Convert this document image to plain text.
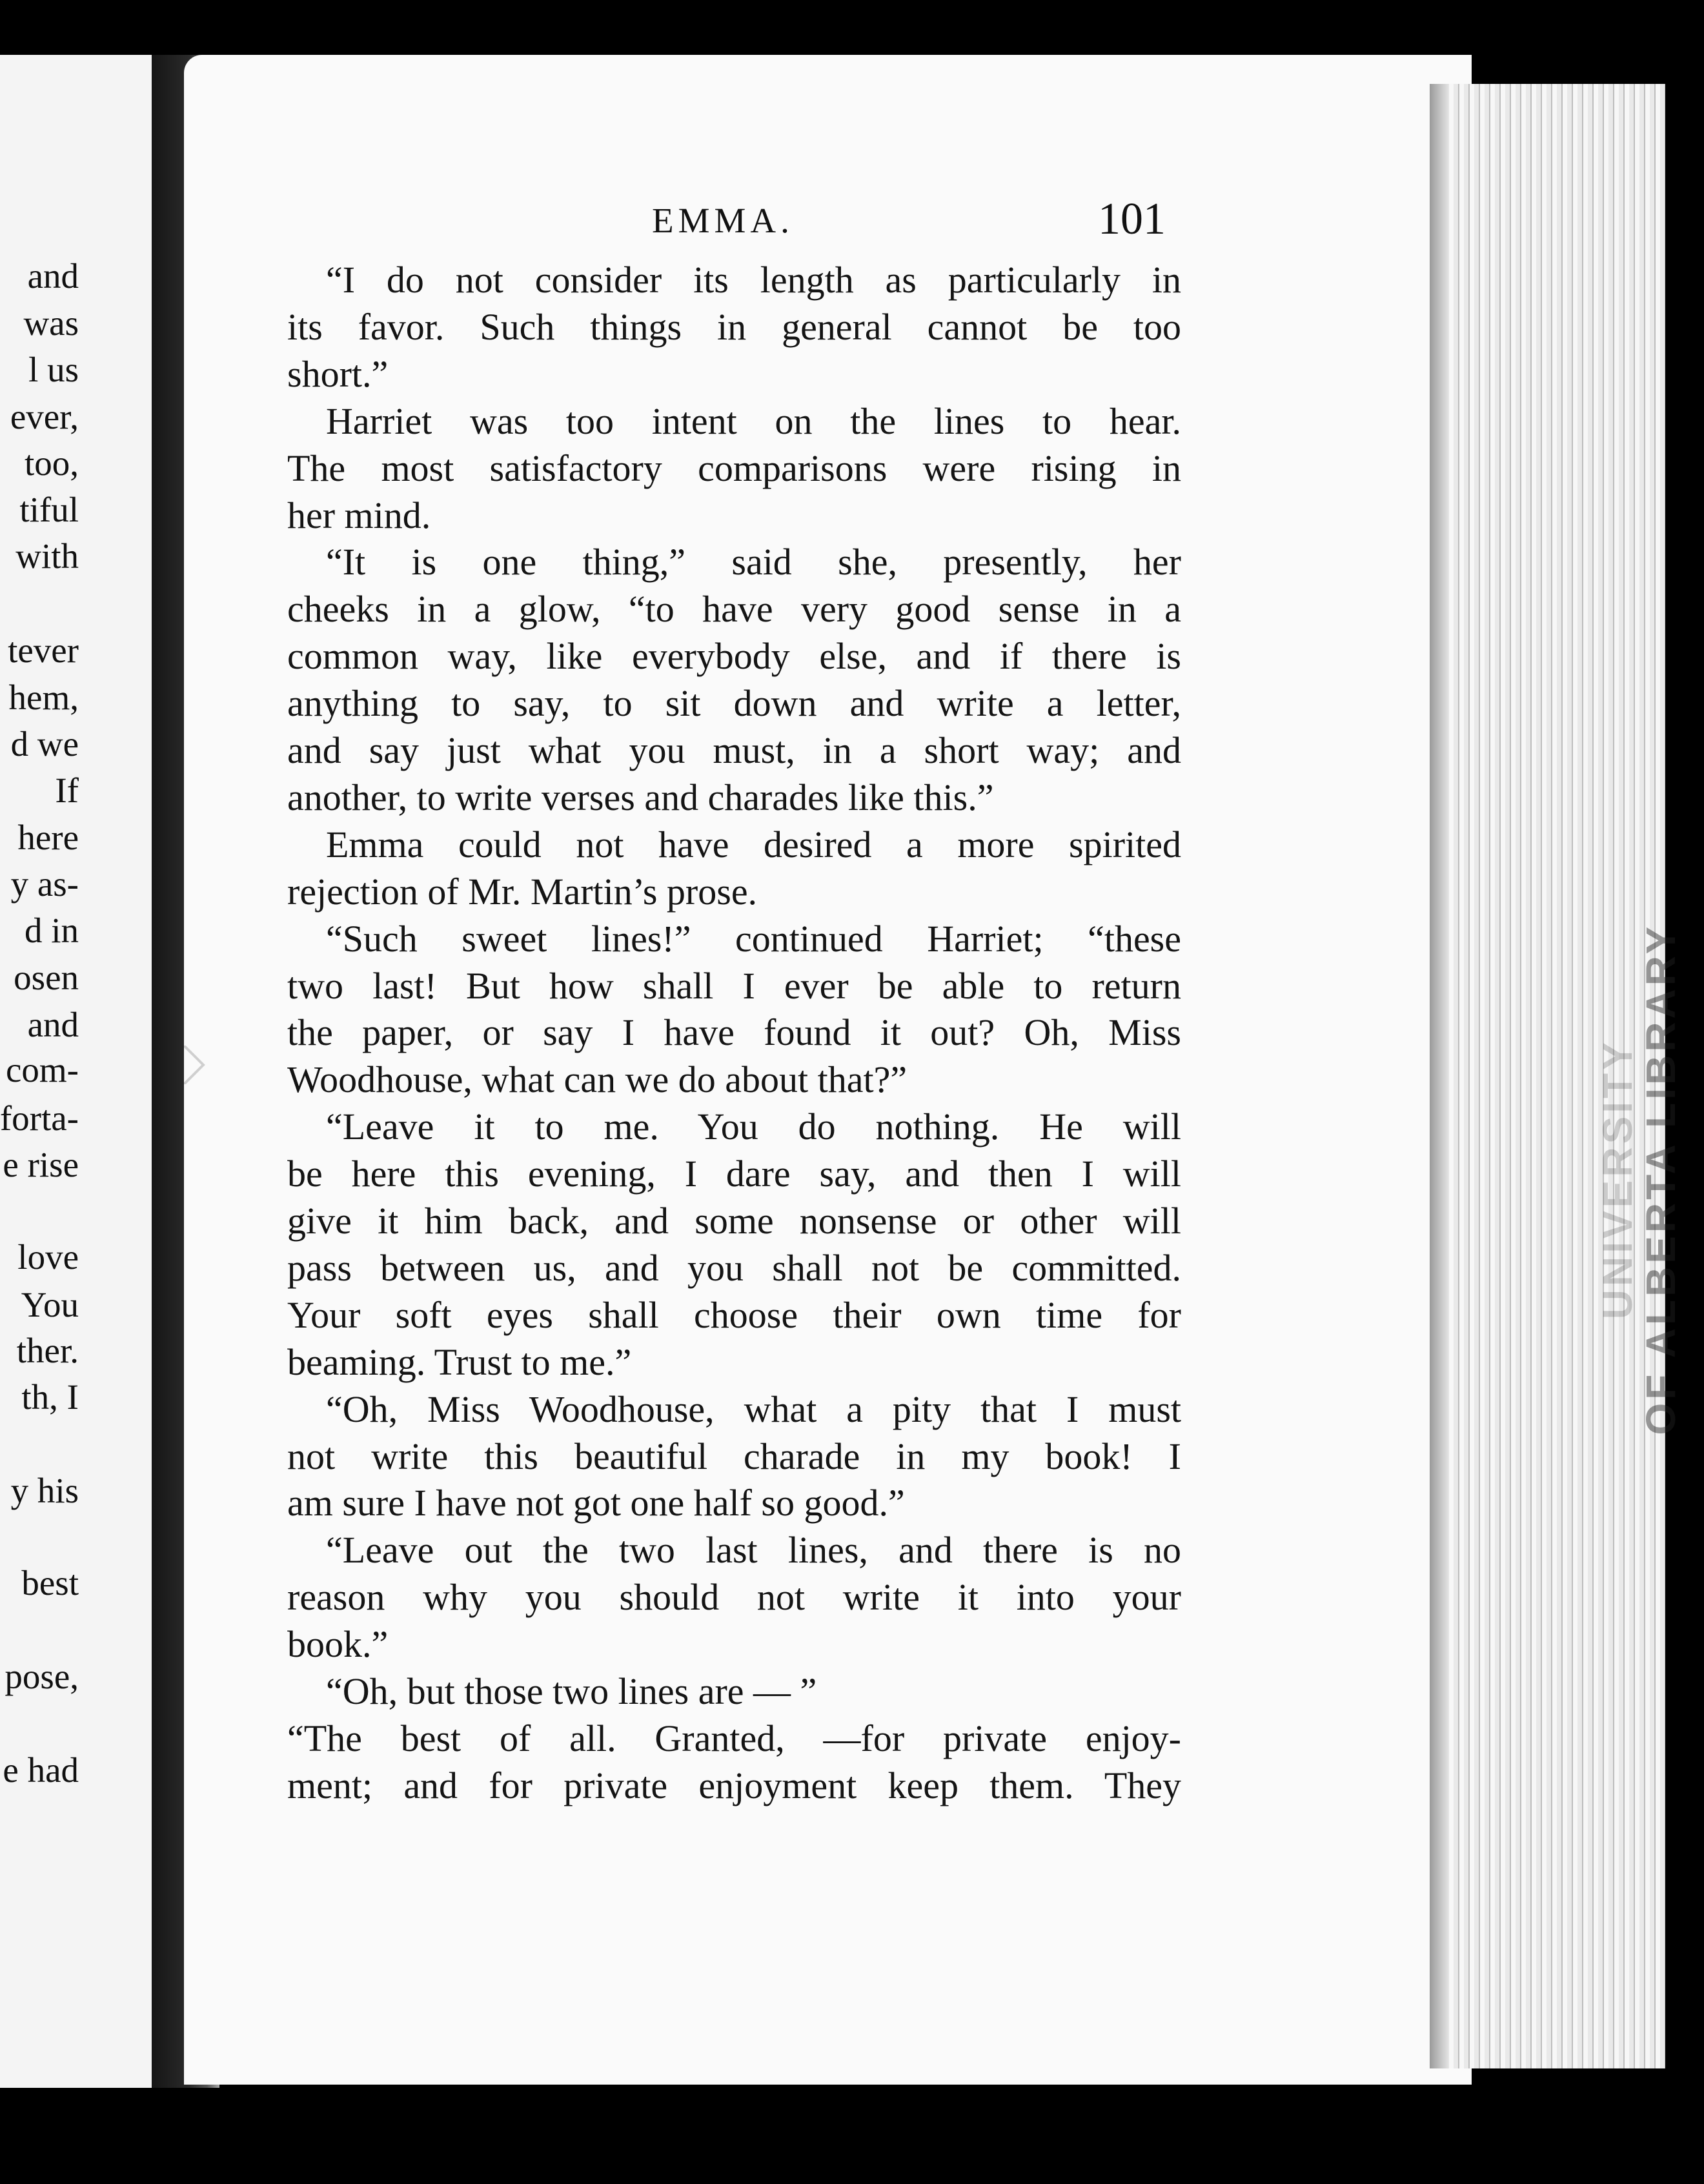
and
was
l us
ever,
too,
tiful
with
tever
hem,
d we
If
here
y as-
d in
osen
and
com-
forta-
e rise
love
You
ther.
th, I
y his
best
pose,
e had
UNIVERSITY
OF ALBERTA LIBRARY
EMMA.	101
“I do not consider its length as particularly in
its favor. Such things in general cannot be too
short.”
Harriet was too intent on the lines to hear.
The most satisfactory comparisons were rising in
her mind.
“It is one thing,” said she, presently, her
cheeks in a glow, “to have very good sense in a
common way, like everybody else, and if there is
anything to say, to sit down and write a letter,
and say just what you must, in a short way; and
another, to write verses and charades like this.”
Emma could not have desired a more spirited
rejection of Mr. Martin’s prose.
“Such sweet lines!” continued Harriet; “these
two last! But how shall I ever be able to return
the paper, or say I have found it out? Oh, Miss
Woodhouse, what can we do about that?”
“Leave it to me. You do nothing. He will
be here this evening, I dare say, and then I will
give it him back, and some nonsense or other will
pass between us, and you shall not be committed.
Your soft eyes shall choose their own time for
beaming. Trust to me.”
“Oh, Miss Woodhouse, what a pity that I must
not write this beautiful charade in my book! I
am sure I have not got one half so good.”
“Leave out the two last lines, and there is no
reason why you should not write it into your
book.”
“Oh, but those two lines are — ”
“The best of all. Granted, —for private enjoy-
ment; and for private enjoyment keep them. They
